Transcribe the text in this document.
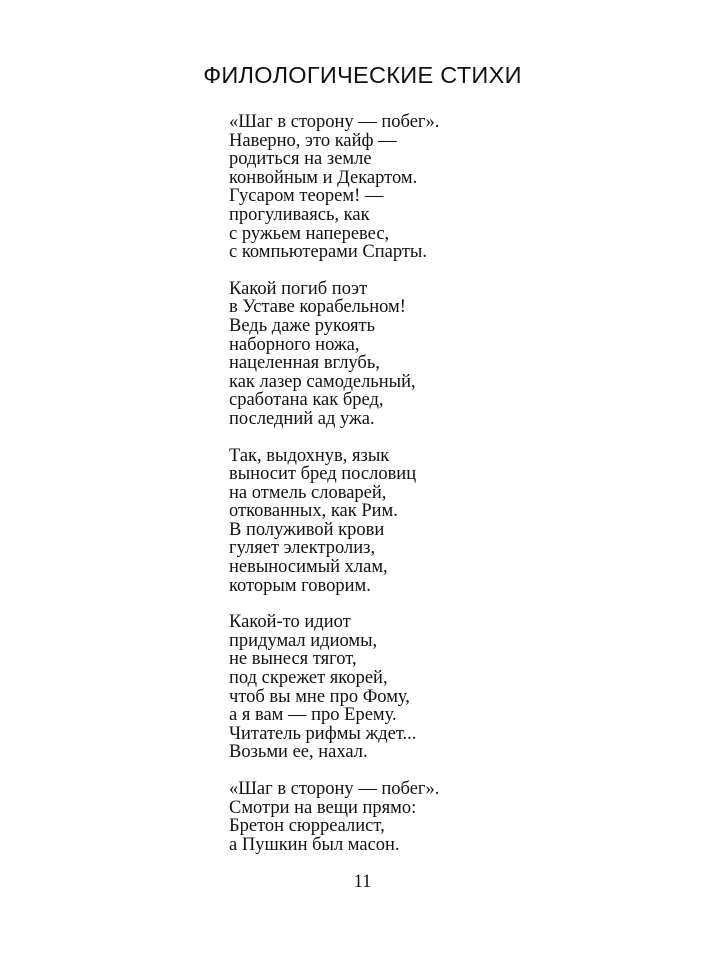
ФИЛОЛОГИЧЕСКИЕ СТИХИ
«Шаг в сторону — побег».
Наверно, это кайф —
родиться на земле
конвойным и Декартом.
Гусаром теорем! —
прогуливаясь, как
с ружьем наперевес,
с компьютерами Спарты.
Какой погиб поэт
в Уставе корабельном!
Ведь даже рукоять
наборного ножа,
нацеленная вглубь,
как лазер самодельный,
сработана как бред,
последний ад ужа.
Так, выдохнув, язык
выносит бред пословиц
на отмель словарей,
откованных, как Рим.
В полуживой крови
гуляет электролиз,
невыносимый хлам,
которым говорим.
Какой-то идиот
придумал идиомы,
не вынеся тягот,
под скрежет якорей,
чтоб вы мне про Фому,
а я вам — про Ерему.
Читатель рифмы ждет...
Возьми ее, нахал.
«Шаг в сторону — побег».
Смотри на вещи прямо:
Бретон сюрреалист,
а Пушкин был масон.
11
